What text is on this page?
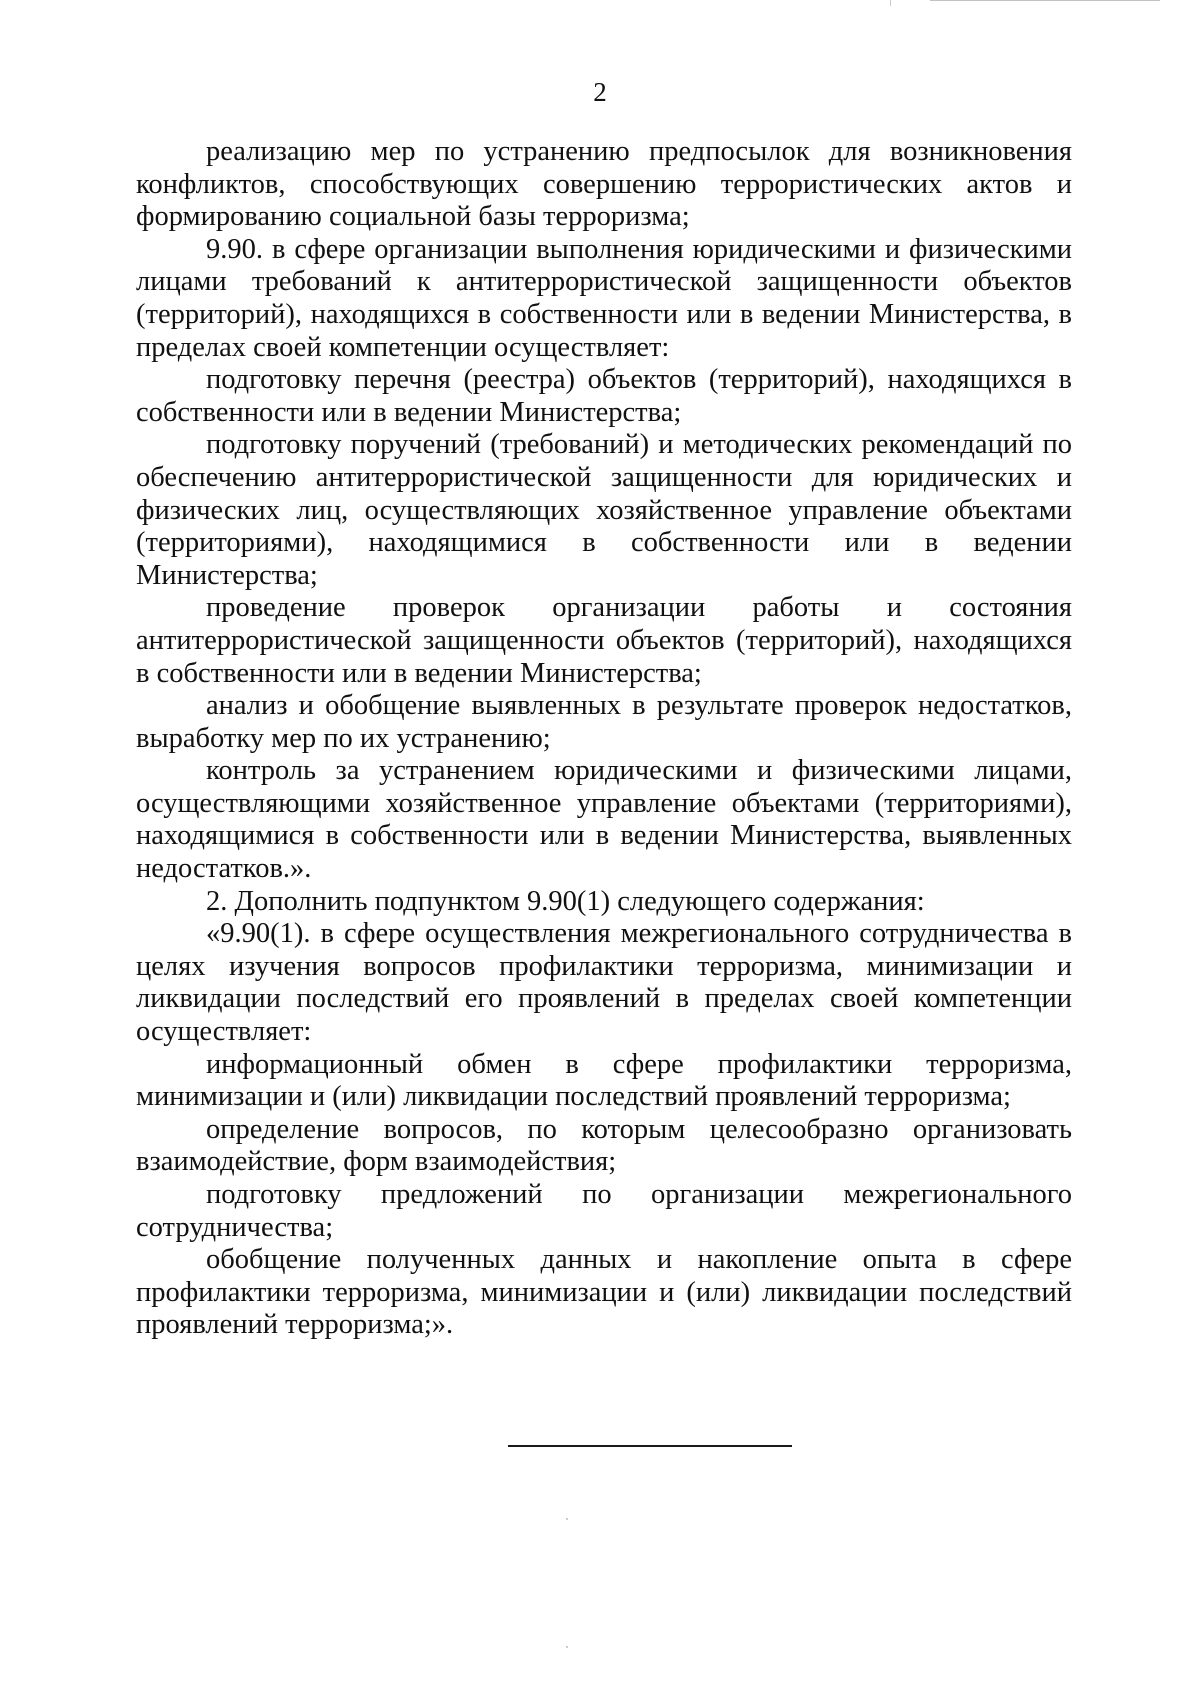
2

реализацию мер по устранению предпосылок для возникновения конфликтов, способствующих совершению террористических актов и формированию социальной базы терроризма;

9.90. в сфере организации выполнения юридическими и физическими лицами требований к антитеррористической защищенности объектов (территорий), находящихся в собственности или в ведении Министерства, в пределах своей компетенции осуществляет:

подготовку перечня (реестра) объектов (территорий), находящихся в собственности или в ведении Министерства;

подготовку поручений (требований) и методических рекомендаций по обеспечению антитеррористической защищенности для юридических и физических лиц, осуществляющих хозяйственное управление объектами (территориями), находящимися в собственности или в ведении Министерства;

проведение проверок организации работы и состояния антитеррористической защищенности объектов (территорий), находящихся в собственности или в ведении Министерства;

анализ и обобщение выявленных в результате проверок недостатков, выработку мер по их устранению;

контроль за устранением юридическими и физическими лицами, осуществляющими хозяйственное управление объектами (территориями), находящимися в собственности или в ведении Министерства, выявленных недостатков.».

2. Дополнить подпунктом 9.90(1) следующего содержания:

«9.90(1). в сфере осуществления межрегионального сотрудничества в целях изучения вопросов профилактики терроризма, минимизации и ликвидации последствий его проявлений в пределах своей компетенции осуществляет:

информационный обмен в сфере профилактики терроризма, минимизации и (или) ликвидации последствий проявлений терроризма;

определение вопросов, по которым целесообразно организовать взаимодействие, форм взаимодействия;

подготовку предложений по организации межрегионального сотрудничества;

обобщение полученных данных и накопление опыта в сфере профилактики терроризма, минимизации и (или) ликвидации последствий проявлений терроризма;».
